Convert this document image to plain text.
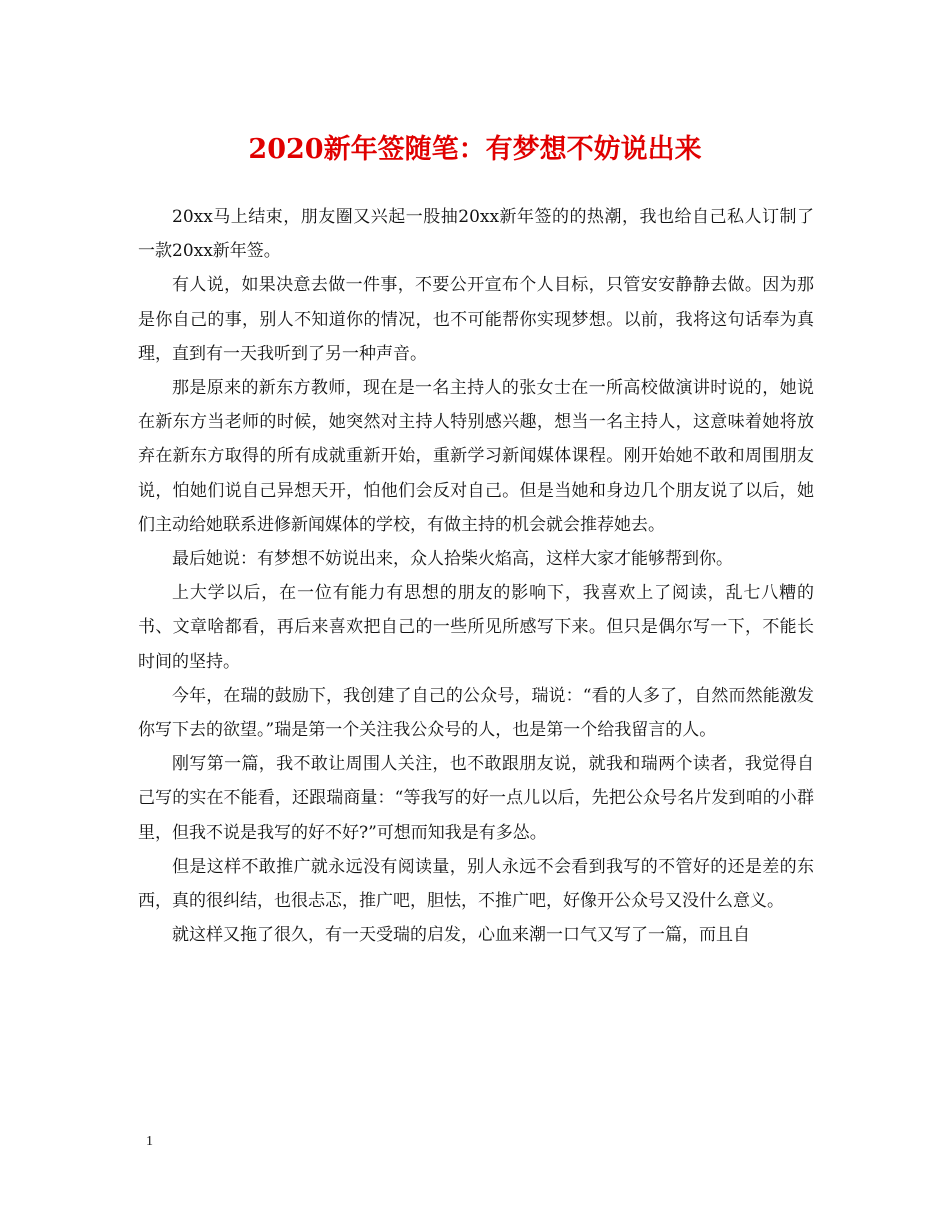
2020新年签随笔：有梦想不妨说出来

20xx马上结束，朋友圈又兴起一股抽20xx新年签的的热潮，我也给自己私人订制了一款20xx新年签。

有人说，如果决意去做一件事，不要公开宣布个人目标，只管安安静静去做。因为那是你自己的事，别人不知道你的情况，也不可能帮你实现梦想。以前，我将这句话奉为真理，直到有一天我听到了另一种声音。

那是原来的新东方教师，现在是一名主持人的张女士在一所高校做演讲时说的，她说在新东方当老师的时候，她突然对主持人特别感兴趣，想当一名主持人，这意味着她将放弃在新东方取得的所有成就重新开始，重新学习新闻媒体课程。刚开始她不敢和周围朋友说，怕她们说自己异想天开，怕他们会反对自己。但是当她和身边几个朋友说了以后，她们主动给她联系进修新闻媒体的学校，有做主持的机会就会推荐她去。

最后她说：有梦想不妨说出来，众人拾柴火焰高，这样大家才能够帮到你。

上大学以后，在一位有能力有思想的朋友的影响下，我喜欢上了阅读，乱七八糟的书、文章啥都看，再后来喜欢把自己的一些所见所感写下来。但只是偶尔写一下，不能长时间的坚持。

今年，在瑞的鼓励下，我创建了自己的公众号，瑞说：“看的人多了，自然而然能激发你写下去的欲望。”瑞是第一个关注我公众号的人，也是第一个给我留言的人。

刚写第一篇，我不敢让周围人关注，也不敢跟朋友说，就我和瑞两个读者，我觉得自己写的实在不能看，还跟瑞商量：“等我写的好一点儿以后，先把公众号名片发到咱的小群里，但我不说是我写的好不好?”可想而知我是有多怂。

但是这样不敢推广就永远没有阅读量，别人永远不会看到我写的不管好的还是差的东西，真的很纠结，也很忐忑，推广吧，胆怯，不推广吧，好像开公众号又没什么意义。

就这样又拖了很久，有一天受瑞的启发，心血来潮一口气又写了一篇，而且自

1
